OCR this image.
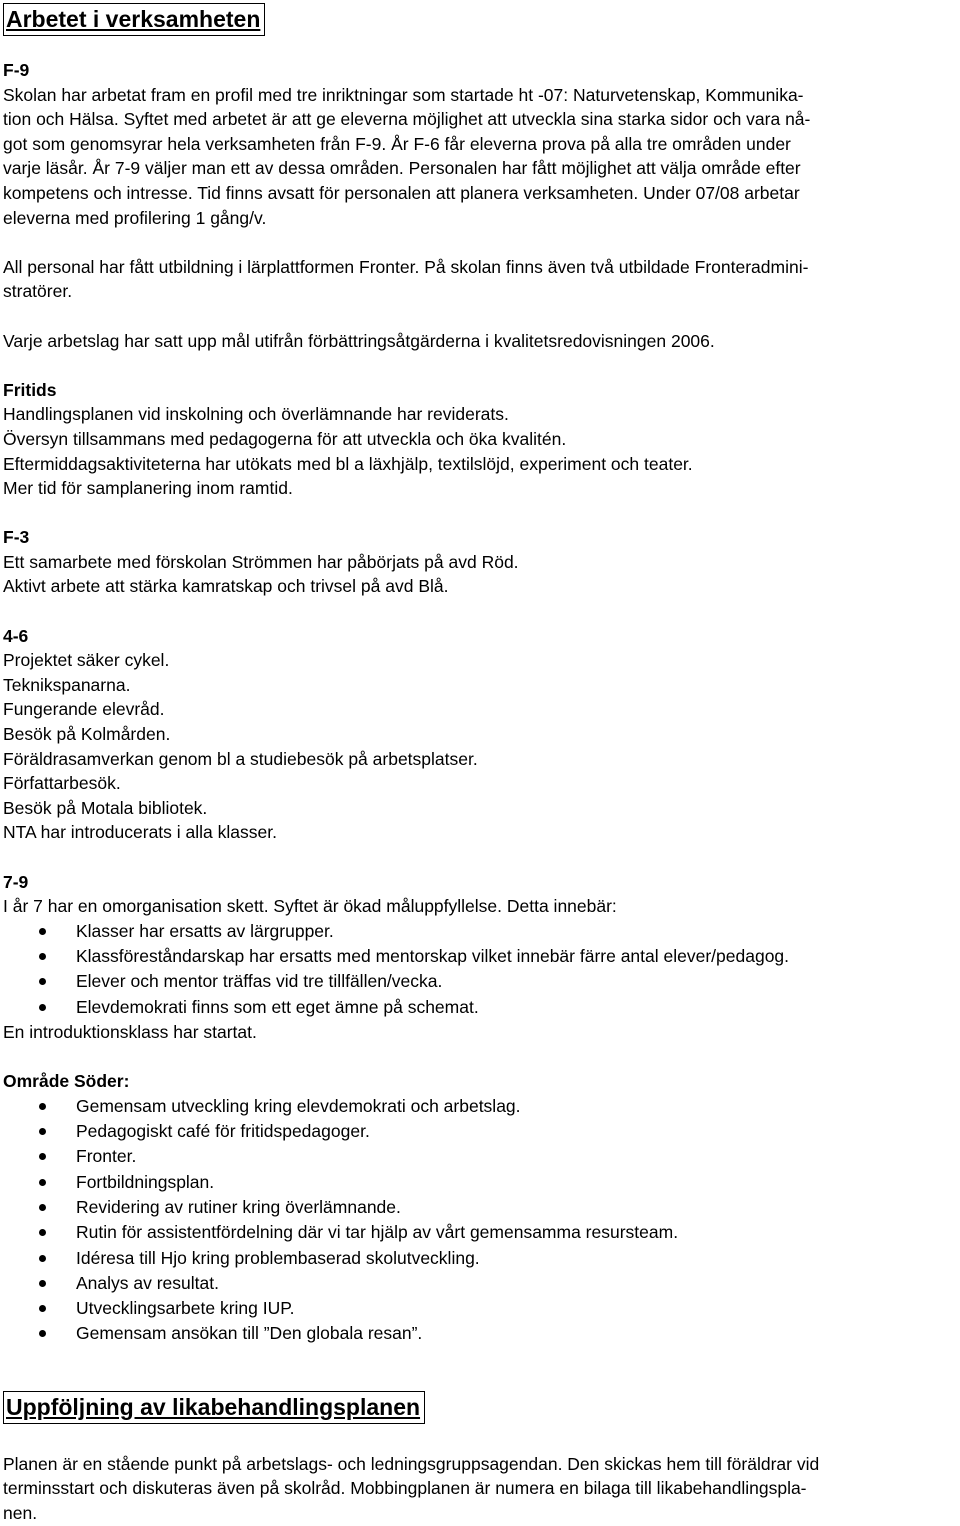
Arbetet i verksamheten

F-9

Skolan har arbetat fram en profil med tre inriktningar som startade ht -07: Naturvetenskap, Kommunika-

tion och Hälsa. Syftet med arbetet är att ge eleverna möjlighet att utveckla sina starka sidor och vara nå-

got som genomsyrar hela verksamheten från F-9. År F-6 får eleverna prova på alla tre områden under

varje läsår. År 7-9 väljer man ett av dessa områden. Personalen har fått möjlighet att välja område efter

kompetens och intresse. Tid finns avsatt för personalen att planera verksamheten. Under 07/08 arbetar

eleverna med profilering 1 gång/v.

All personal har fått utbildning i lärplattformen Fronter. På skolan finns även två utbildade Fronteradmini-

stratörer.

Varje arbetslag har satt upp mål utifrån förbättringsåtgärderna i kvalitetsredovisningen 2006.

Fritids

Handlingsplanen vid inskolning och överlämnande har reviderats.

Översyn tillsammans med pedagogerna för att utveckla och öka kvalitén.

Eftermiddagsaktiviteterna har utökats med bl a läxhjälp, textilslöjd, experiment och teater.

Mer tid för samplanering inom ramtid.

F-3

Ett samarbete med förskolan Strömmen har påbörjats på avd Röd.

Aktivt arbete att stärka kamratskap och trivsel på avd Blå.

4-6

Projektet säker cykel.

Teknikspanarna.

Fungerande elevråd.

Besök på Kolmården.

Föräldrasamverkan genom bl a studiebesök på arbetsplatser.

Författarbesök.

Besök på Motala bibliotek.

NTA har introducerats i alla klasser.

7-9

I år 7 har en omorganisation skett. Syftet är ökad måluppfyllelse. Detta innebär:

Klasser har ersatts av lärgrupper.
Klassföreståndarskap har ersatts med mentorskap vilket innebär färre antal elever/pedagog.
Elever och mentor träffas vid tre tillfällen/vecka.
Elevdemokrati finns som ett eget ämne på schemat.

En introduktionsklass har startat.

Område Söder:

Gemensam utveckling kring elevdemokrati och arbetslag.
Pedagogiskt café för fritidspedagoger.
Fronter.
Fortbildningsplan.
Revidering av rutiner kring överlämnande.
Rutin för assistentfördelning där vi tar hjälp av vårt gemensamma resursteam.
Idéresa till Hjo kring problembaserad skolutveckling.
Analys av resultat.
Utvecklingsarbete kring IUP.
Gemensam ansökan till ”Den globala resan”.
Uppföljning av likabehandlingsplanen

Planen är en stående punkt på arbetslags- och ledningsgruppsagendan. Den skickas hem till föräldrar vid

terminsstart och diskuteras även på skolråd. Mobbingplanen är numera en bilaga till likabehandlingspla-

nen.
